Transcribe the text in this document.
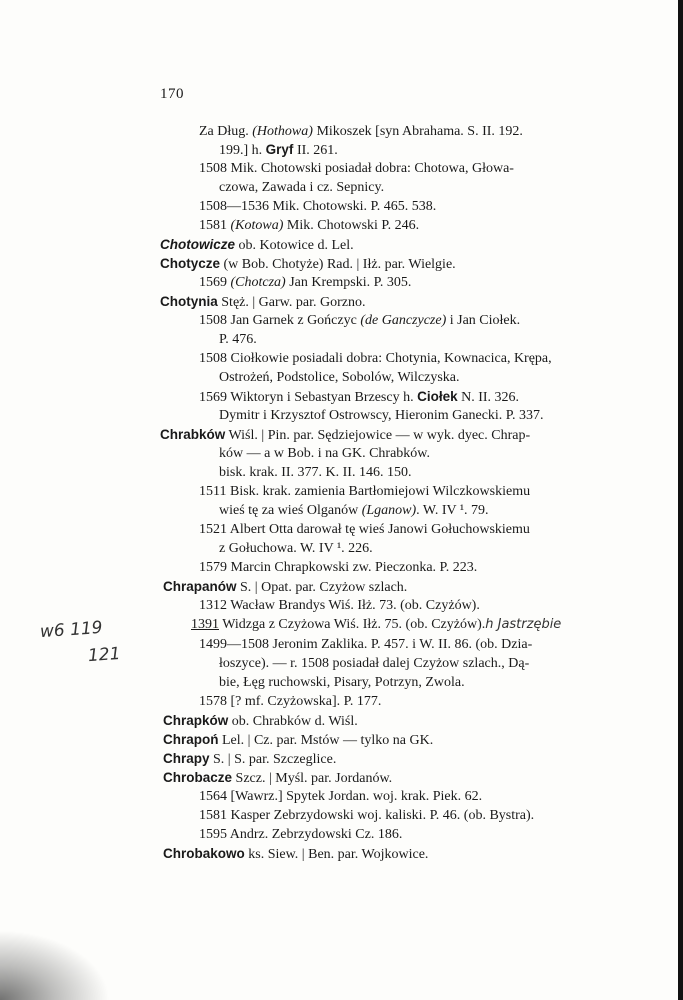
170
Za Dług. (Hothowa) Mikoszek [syn Abrahama. S. II. 192.
199.] h. Gryf II. 261.
1508 Mik. Chotowski posiadał dobra: Chotowa, Głowa-
czowa, Zawada i cz. Sepnicy.
1508—1536 Mik. Chotowski. P. 465. 538.
1581 (Kotowa) Mik. Chotowski P. 246.
Chotowicze ob. Kotowice d. Lel.
Chotycze (w Bob. Chotyże) Rad. | Iłż. par. Wielgie.
1569 (Chotcza) Jan Krempski. P. 305.
Chotynia Stęż. | Garw. par. Gorzno.
1508 Jan Garnek z Gończyc (de Ganczycze) i Jan Ciołek.
P. 476.
1508 Ciołkowie posiadali dobra: Chotynia, Kownacica, Krępa,
Ostrożeń, Podstolice, Sobolów, Wilczyska.
1569 Wiktoryn i Sebastyan Brzescy h. Ciołek N. II. 326.
Dymitr i Krzysztof Ostrowscy, Hieronim Ganecki. P. 337.
Chrabków Wiśl. | Pin. par. Sędziejowice — w wyk. dyec. Chrap-
ków — a w Bob. i na GK. Chrabków.
bisk. krak. II. 377. K. II. 146. 150.
1511 Bisk. krak. zamienia Bartłomiejowi Wilczkowskiemu
wieś tę za wieś Olganów (Lganow). W. IV ¹. 79.
1521 Albert Otta darował tę wieś Janowi Gołuchowskiemu
z Gołuchowa. W. IV ¹. 226.
1579 Marcin Chrapkowski zw. Pieczonka. P. 223.
Chrapanów S. | Opat. par. Czyżow szlach.
1312 Wacław Brandys Wiś. Iłż. 73. (ob. Czyżów).
1391 Widzga z Czyżowa Wiś. Iłż. 75. (ob. Czyżów).h Jastrzębie
1499—1508 Jeronim Zaklika. P. 457. i W. II. 86. (ob. Dzia-
łoszyce). — r. 1508 posiadał dalej Czyżow szlach., Dą-
bie, Łęg ruchowski, Pisary, Potrzyn, Zwola.
1578 [? mf. Czyżowska]. P. 177.
Chrapków ob. Chrabków d. Wiśl.
Chrapoń Lel. | Cz. par. Mstów — tylko na GK.
Chrapy S. | S. par. Szczeglice.
Chrobacze Szcz. | Myśl. par. Jordanów.
1564 [Wawrz.] Spytek Jordan. woj. krak. Piek. 62.
1581 Kasper Zebrzydowski woj. kaliski. P. 46. (ob. Bystra).
1595 Andrz. Zebrzydowski Cz. 186.
Chrobakowo ks. Siew. | Ben. par. Wojkowice.
w6 119
121
